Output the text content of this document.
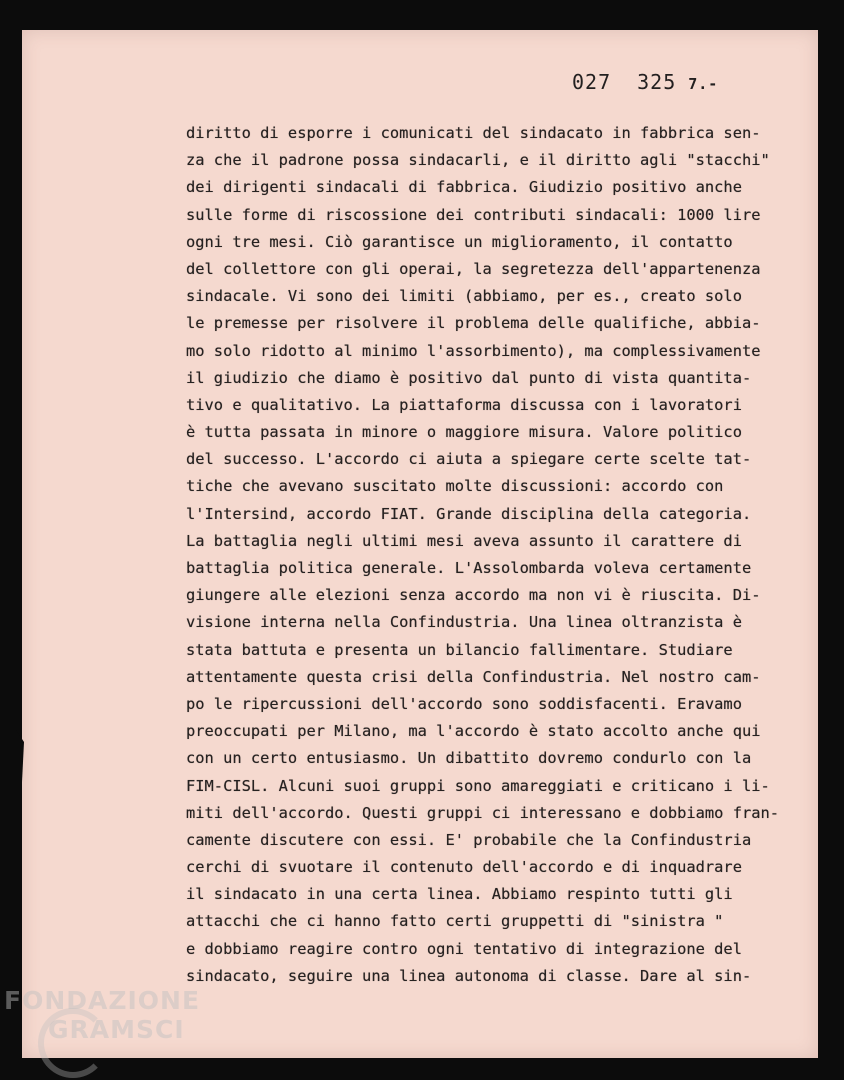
027 325 7.-
diritto di esporre i comunicati del sindacato in fabbrica sen-
za che il padrone possa sindacarli, e il diritto agli "stacchi"
dei dirigenti sindacali di fabbrica. Giudizio positivo anche
sulle forme di riscossione dei contributi sindacali: 1000 lire
ogni tre mesi. Ciò garantisce un miglioramento, il contatto
del collettore con gli operai, la segretezza dell'appartenenza
sindacale. Vi sono dei limiti (abbiamo, per es., creato solo
le premesse per risolvere il problema delle qualifiche, abbia-
mo solo ridotto al minimo l'assorbimento), ma complessivamente
il giudizio che diamo è positivo dal punto di vista quantita-
tivo e qualitativo. La piattaforma discussa con i lavoratori
è tutta passata in minore o maggiore misura. Valore politico
del successo. L'accordo ci aiuta a spiegare certe scelte tat-
tiche che avevano suscitato molte discussioni: accordo con
l'Intersind, accordo FIAT. Grande disciplina della categoria.
La battaglia negli ultimi mesi aveva assunto il carattere di
battaglia politica generale. L'Assolombarda voleva certamente
giungere alle elezioni senza accordo ma non vi è riuscita. Di-
visione interna nella Confindustria. Una linea oltranzista è
stata battuta e presenta un bilancio fallimentare. Studiare
attentamente questa crisi della Confindustria. Nel nostro cam-
po le ripercussioni dell'accordo sono soddisfacenti. Eravamo
preoccupati per Milano, ma l'accordo è stato accolto anche qui
con un certo entusiasmo. Un dibattito dovremo condurlo con la
FIM-CISL. Alcuni suoi gruppi sono amareggiati e criticano i li-
miti dell'accordo. Questi gruppi ci interessano e dobbiamo fran-
camente discutere con essi. E' probabile che la Confindustria
cerchi di svuotare il contenuto dell'accordo e di inquadrare
il sindacato in una certa linea. Abbiamo respinto tutti gli
attacchi che ci hanno fatto certi gruppetti di "sinistra "
e dobbiamo reagire contro ogni tentativo di integrazione del
sindacato, seguire una linea autonoma di classe. Dare al sin-
FONDAZIONE
GRAMSCI
